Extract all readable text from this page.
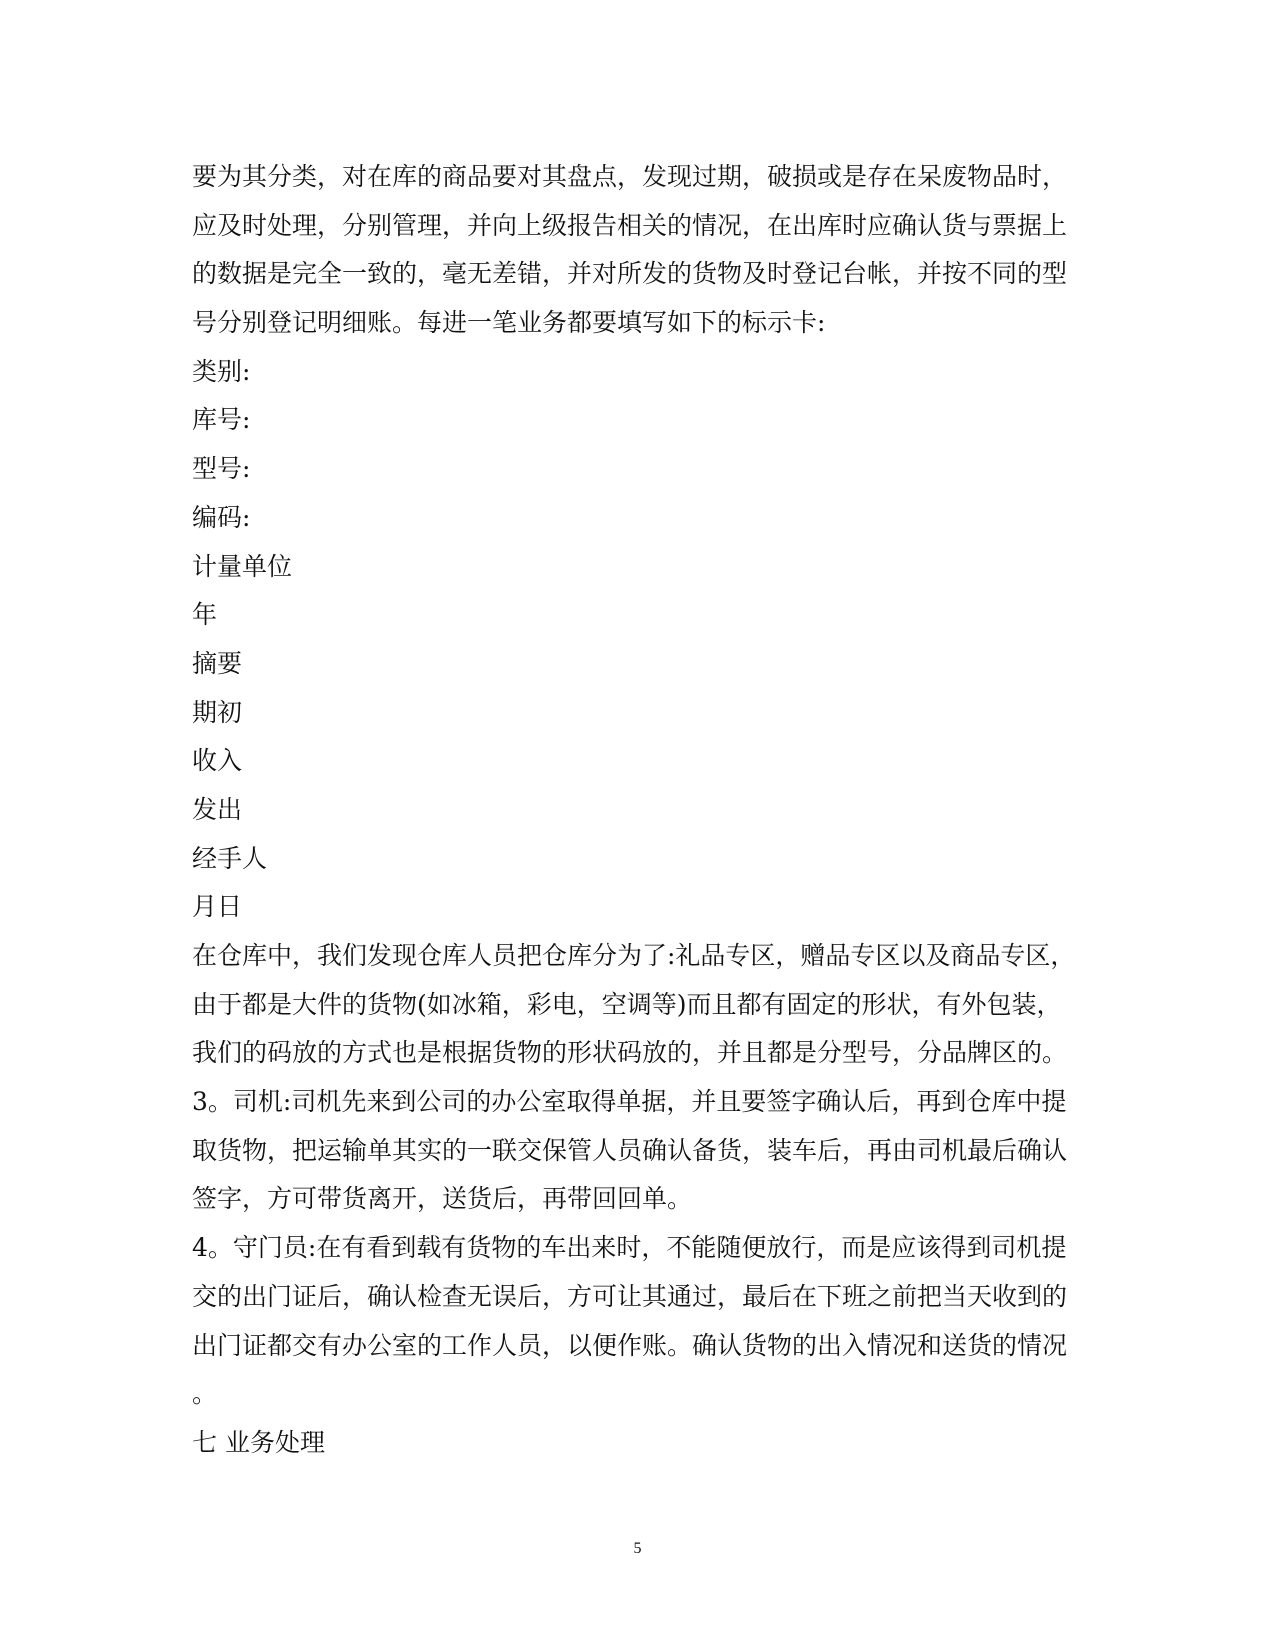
要为其分类，对在库的商品要对其盘点，发现过期，破损或是存在呆废物品时，
应及时处理，分别管理，并向上级报告相关的情况，在出库时应确认货与票据上
的数据是完全一致的，毫无差错，并对所发的货物及时登记台帐，并按不同的型
号分别登记明细账。每进一笔业务都要填写如下的标示卡:
类别:
库号:
型号:
编码:
计量单位
年
摘要
期初
收入
发出
经手人
月日
在仓库中，我们发现仓库人员把仓库分为了:礼品专区，赠品专区以及商品专区，
由于都是大件的货物(如冰箱，彩电，空调等)而且都有固定的形状，有外包装，
我们的码放的方式也是根据货物的形状码放的，并且都是分型号，分品牌区的。
3。司机:司机先来到公司的办公室取得单据，并且要签字确认后，再到仓库中提
取货物，把运输单其实的一联交保管人员确认备货，装车后，再由司机最后确认
签字，方可带货离开，送货后，再带回回单。
4。守门员:在有看到载有货物的车出来时，不能随便放行，而是应该得到司机提
交的出门证后，确认检查无误后，方可让其通过，最后在下班之前把当天收到的
出门证都交有办公室的工作人员，以便作账。确认货物的出入情况和送货的情况
。
七 业务处理
5
